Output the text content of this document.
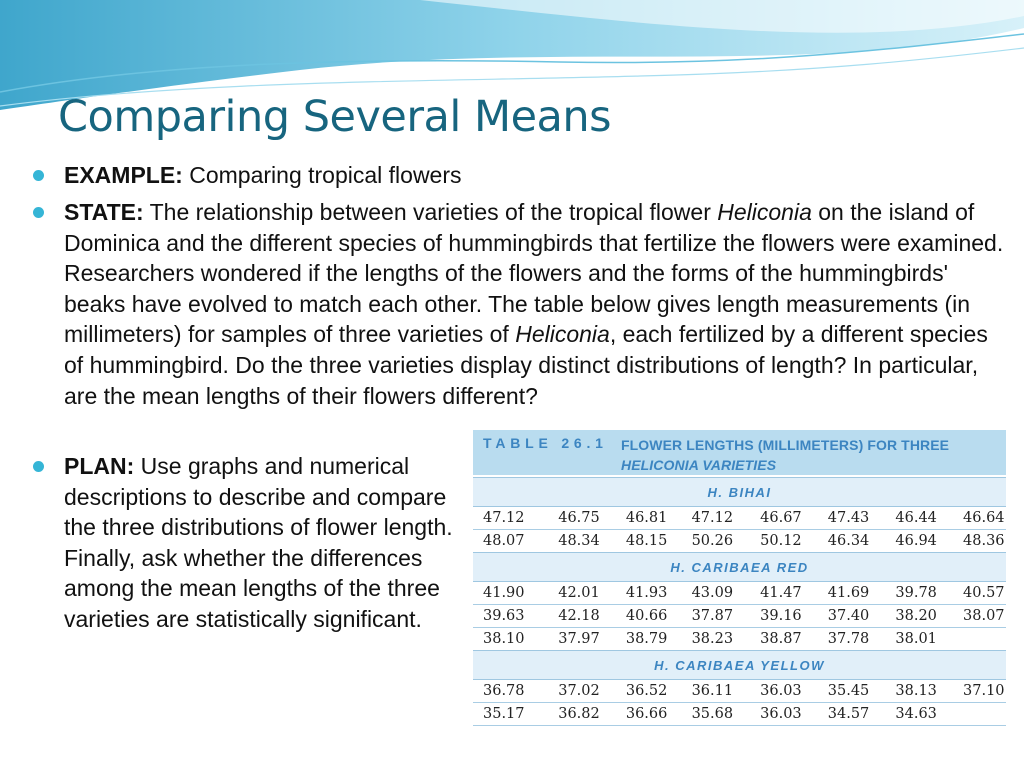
Comparing Several Means
EXAMPLE: Comparing tropical flowers
STATE: The relationship between varieties of the tropical flower Heliconia on the island of Dominica and the different species of hummingbirds that fertilize the flowers were examined. Researchers wondered if the lengths of the flowers and the forms of the hummingbirds' beaks have evolved to match each other. The table below gives length measurements (in millimeters) for samples of three varieties of Heliconia, each fertilized by a different species of hummingbird. Do the three varieties display distinct distributions of length? In particular, are the mean lengths of their flowers different?
PLAN: Use graphs and numerical descriptions to describe and compare the three distributions of flower length. Finally, ask whether the differences among the mean lengths of the three varieties are statistically significant.
TABLE 26.1 FLOWER LENGTHS (MILLIMETERS) FOR THREE
HELICONIA VARIETIES
H. BIHAI
47.12	46.75	46.81	47.12	46.67	47.43	46.44	46.64
48.07	48.34	48.15	50.26	50.12	46.34	46.94	48.36
H. CARIBAEA RED
41.90	42.01	41.93	43.09	41.47	41.69	39.78	40.57
39.63	42.18	40.66	37.87	39.16	37.40	38.20	38.07
38.10	37.97	38.79	38.23	38.87	37.78	38.01	
H. CARIBAEA YELLOW
36.78	37.02	36.52	36.11	36.03	35.45	38.13	37.10
35.17	36.82	36.66	35.68	36.03	34.57	34.63	
